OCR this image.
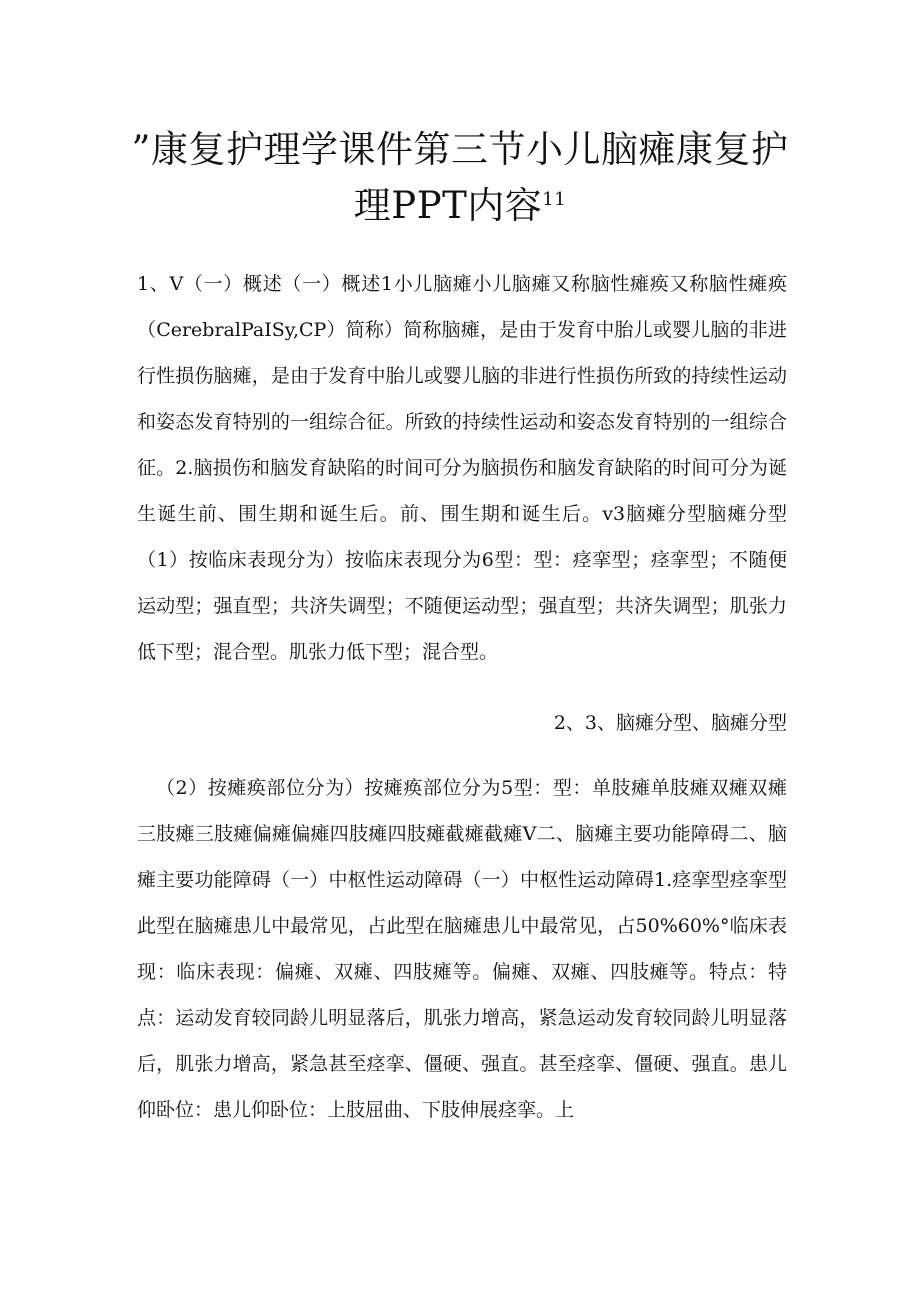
”康复护理学课件第三节小儿脑瘫康复护
理PPT内容$^{11}$

1、V（一）概述（一）概述1小儿脑瘫小儿脑瘫又称脑性瘫痪又称脑性瘫痪（CerebralPaISy,CP）简称）简称脑瘫，是由于发育中胎儿或婴儿脑的非进行性损伤脑瘫，是由于发育中胎儿或婴儿脑的非进行性损伤所致的持续性运动和姿态发育特别的一组综合征。所致的持续性运动和姿态发育特别的一组综合征。2.脑损伤和脑发育缺陷的时间可分为脑损伤和脑发育缺陷的时间可分为诞生诞生前、围生期和诞生后。前、围生期和诞生后。v3脑瘫分型脑瘫分型（1）按临床表现分为）按临床表现分为6型：型：痉挛型；痉挛型；不随便运动型；强直型；共济失调型；不随便运动型；强直型；共济失调型；肌张力低下型；混合型。肌张力低下型；混合型。

2、3、脑瘫分型、脑瘫分型

（2）按瘫痪部位分为）按瘫痪部位分为5型：型：单肢瘫单肢瘫双瘫双瘫三肢瘫三肢瘫偏瘫偏瘫四肢瘫四肢瘫截瘫截瘫V二、脑瘫主要功能障碍二、脑瘫主要功能障碍（一）中枢性运动障碍（一）中枢性运动障碍1.痉挛型痉挛型此型在脑瘫患儿中最常见，占此型在脑瘫患儿中最常见，占50%60%°临床表现：临床表现：偏瘫、双瘫、四肢瘫等。偏瘫、双瘫、四肢瘫等。特点：特点：运动发育较同龄儿明显落后，肌张力增高，紧急运动发育较同龄儿明显落后，肌张力增高，紧急甚至痉挛、僵硬、强直。甚至痉挛、僵硬、强直。患儿仰卧位：患儿仰卧位：上肢屈曲、下肢伸展痉挛。上
